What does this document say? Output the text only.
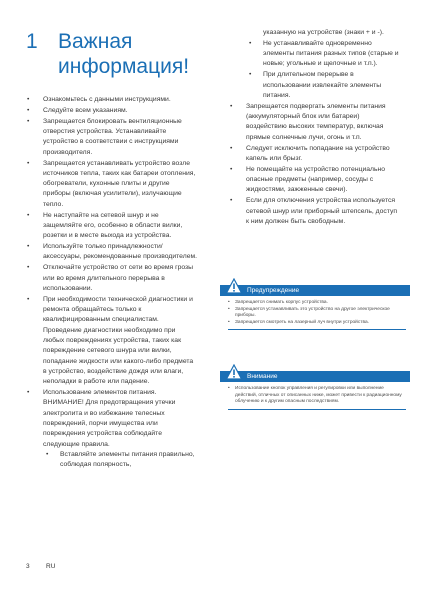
1 Важная информация!
• Ознакомьтесь с данными инструкциями.
• Следуйте всем указаниям.
• Запрещается блокировать вентиляционные отверстия устройства. Устанавливайте устройство в соответствии с инструкциями производителя.
• Запрещается устанавливать устройство возле источников тепла, таких как батареи отопления, обогреватели, кухонные плиты и другие приборы (включая усилители), излучающие тепло.
• Не наступайте на сетевой шнур и не защемляйте его, особенно в области вилки, розетки и в месте выхода из устройства.
• Используйте только принадлежности/ аксессуары, рекомендованные производителем.
• Отключайте устройство от сети во время грозы или во время длительного перерыва в использовании.
• При необходимости технической диагностики и ремонта обращайтесь только к квалифицированным специалистам. Проведение диагностики необходимо при любых повреждениях устройства, таких как повреждение сетевого шнура или вилки, попадание жидкости или какого-либо предмета в устройство, воздействие дождя или влаги, неполадки в работе или падение.
• Использование элементов питания. ВНИМАНИЕ! Для предотвращения утечки электролита и во избежание телесных повреждений, порчи имущества или повреждения устройства соблюдайте следующие правила.
• Вставляйте элементы питания правильно, соблюдая полярность,
указанную на устройстве (знаки + и -).
• Не устанавливайте одновременно элементы питания разных типов (старые и новые; угольные и щелочные и т.п.).
• При длительном перерыве в использовании извлекайте элементы питания.
• Запрещается подвергать элементы питания (аккумуляторный блок или батареи) воздействию высоких температур, включая прямые солнечные лучи, огонь и т.п.
• Следует исключить попадание на устройство капель или брызг.
• Не помещайте на устройство потенциально опасные предметы (например, сосуды с жидкостями, зажженные свечи).
• Если для отключения устройства используется сетевой шнур или приборный штепсель, доступ к ним должен быть свободным.
Предупреждение
• Запрещается снимать корпус устройства.
• Запрещается устанавливать это устройство на другое электрическое приборы.
• Запрещается смотреть на лазерный луч внутри устройства.
Внимание
• Использование кнопок управления и регулировки или выполнение действий, отличных от описанных ниже, может привести к радиационному облучению и к другим опасным последствиям.
3	RU
